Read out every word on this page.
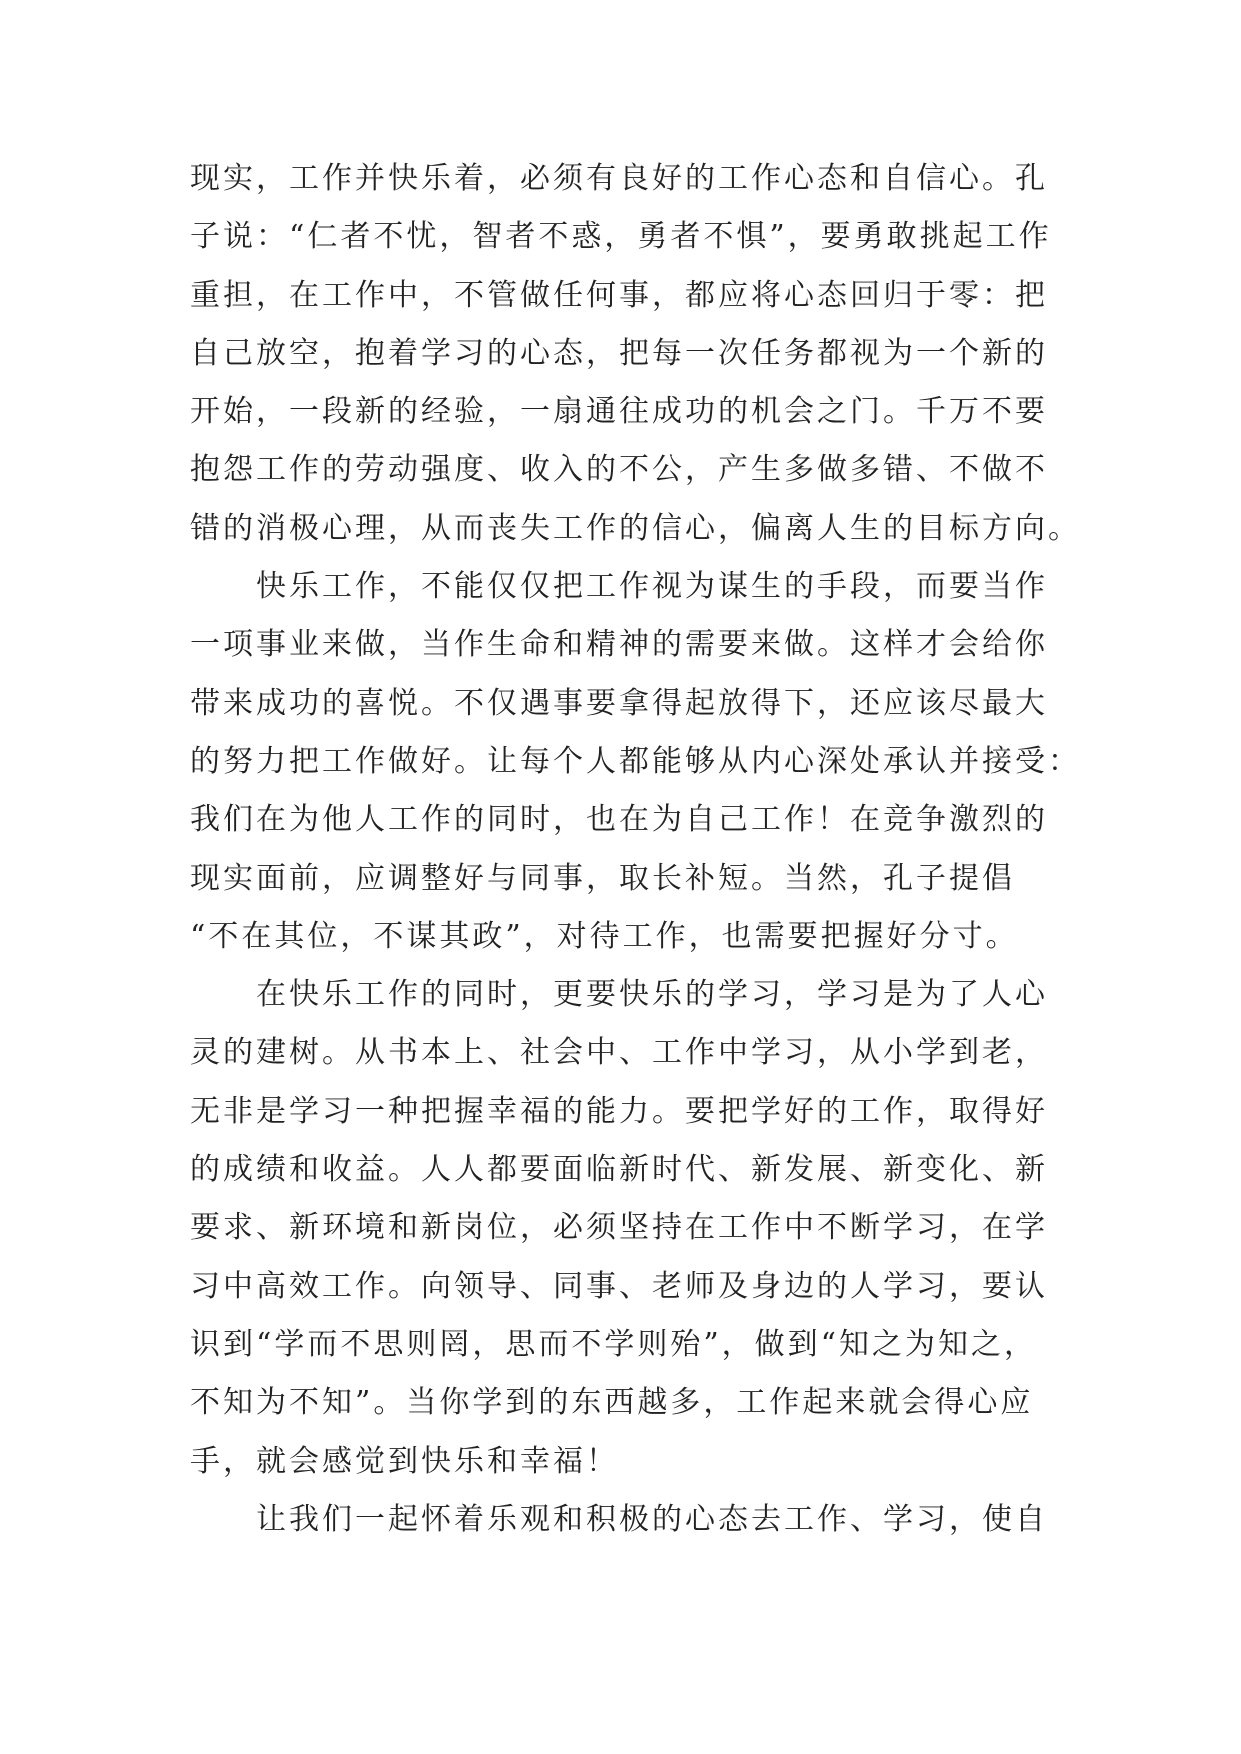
现实，工作并快乐着，必须有良好的工作心态和自信心。孔
子说：“仁者不忧，智者不惑，勇者不惧”，要勇敢挑起工作
重担，在工作中，不管做任何事，都应将心态回归于零：把
自己放空，抱着学习的心态，把每一次任务都视为一个新的
开始，一段新的经验，一扇通往成功的机会之门。千万不要
抱怨工作的劳动强度、收入的不公，产生多做多错、不做不
错的消极心理，从而丧失工作的信心，偏离人生的目标方向。
快乐工作，不能仅仅把工作视为谋生的手段，而要当作
一项事业来做，当作生命和精神的需要来做。这样才会给你
带来成功的喜悦。不仅遇事要拿得起放得下，还应该尽最大
的努力把工作做好。让每个人都能够从内心深处承认并接受：
我们在为他人工作的同时，也在为自己工作！在竞争激烈的
现实面前，应调整好与同事，取长补短。当然，孔子提倡
“不在其位，不谋其政”，对待工作，也需要把握好分寸。
在快乐工作的同时，更要快乐的学习，学习是为了人心
灵的建树。从书本上、社会中、工作中学习，从小学到老，
无非是学习一种把握幸福的能力。要把学好的工作，取得好
的成绩和收益。人人都要面临新时代、新发展、新变化、新
要求、新环境和新岗位，必须坚持在工作中不断学习，在学
习中高效工作。向领导、同事、老师及身边的人学习，要认
识到“学而不思则罔，思而不学则殆”，做到“知之为知之，
不知为不知”。当你学到的东西越多，工作起来就会得心应
手，就会感觉到快乐和幸福！
让我们一起怀着乐观和积极的心态去工作、学习，使自
